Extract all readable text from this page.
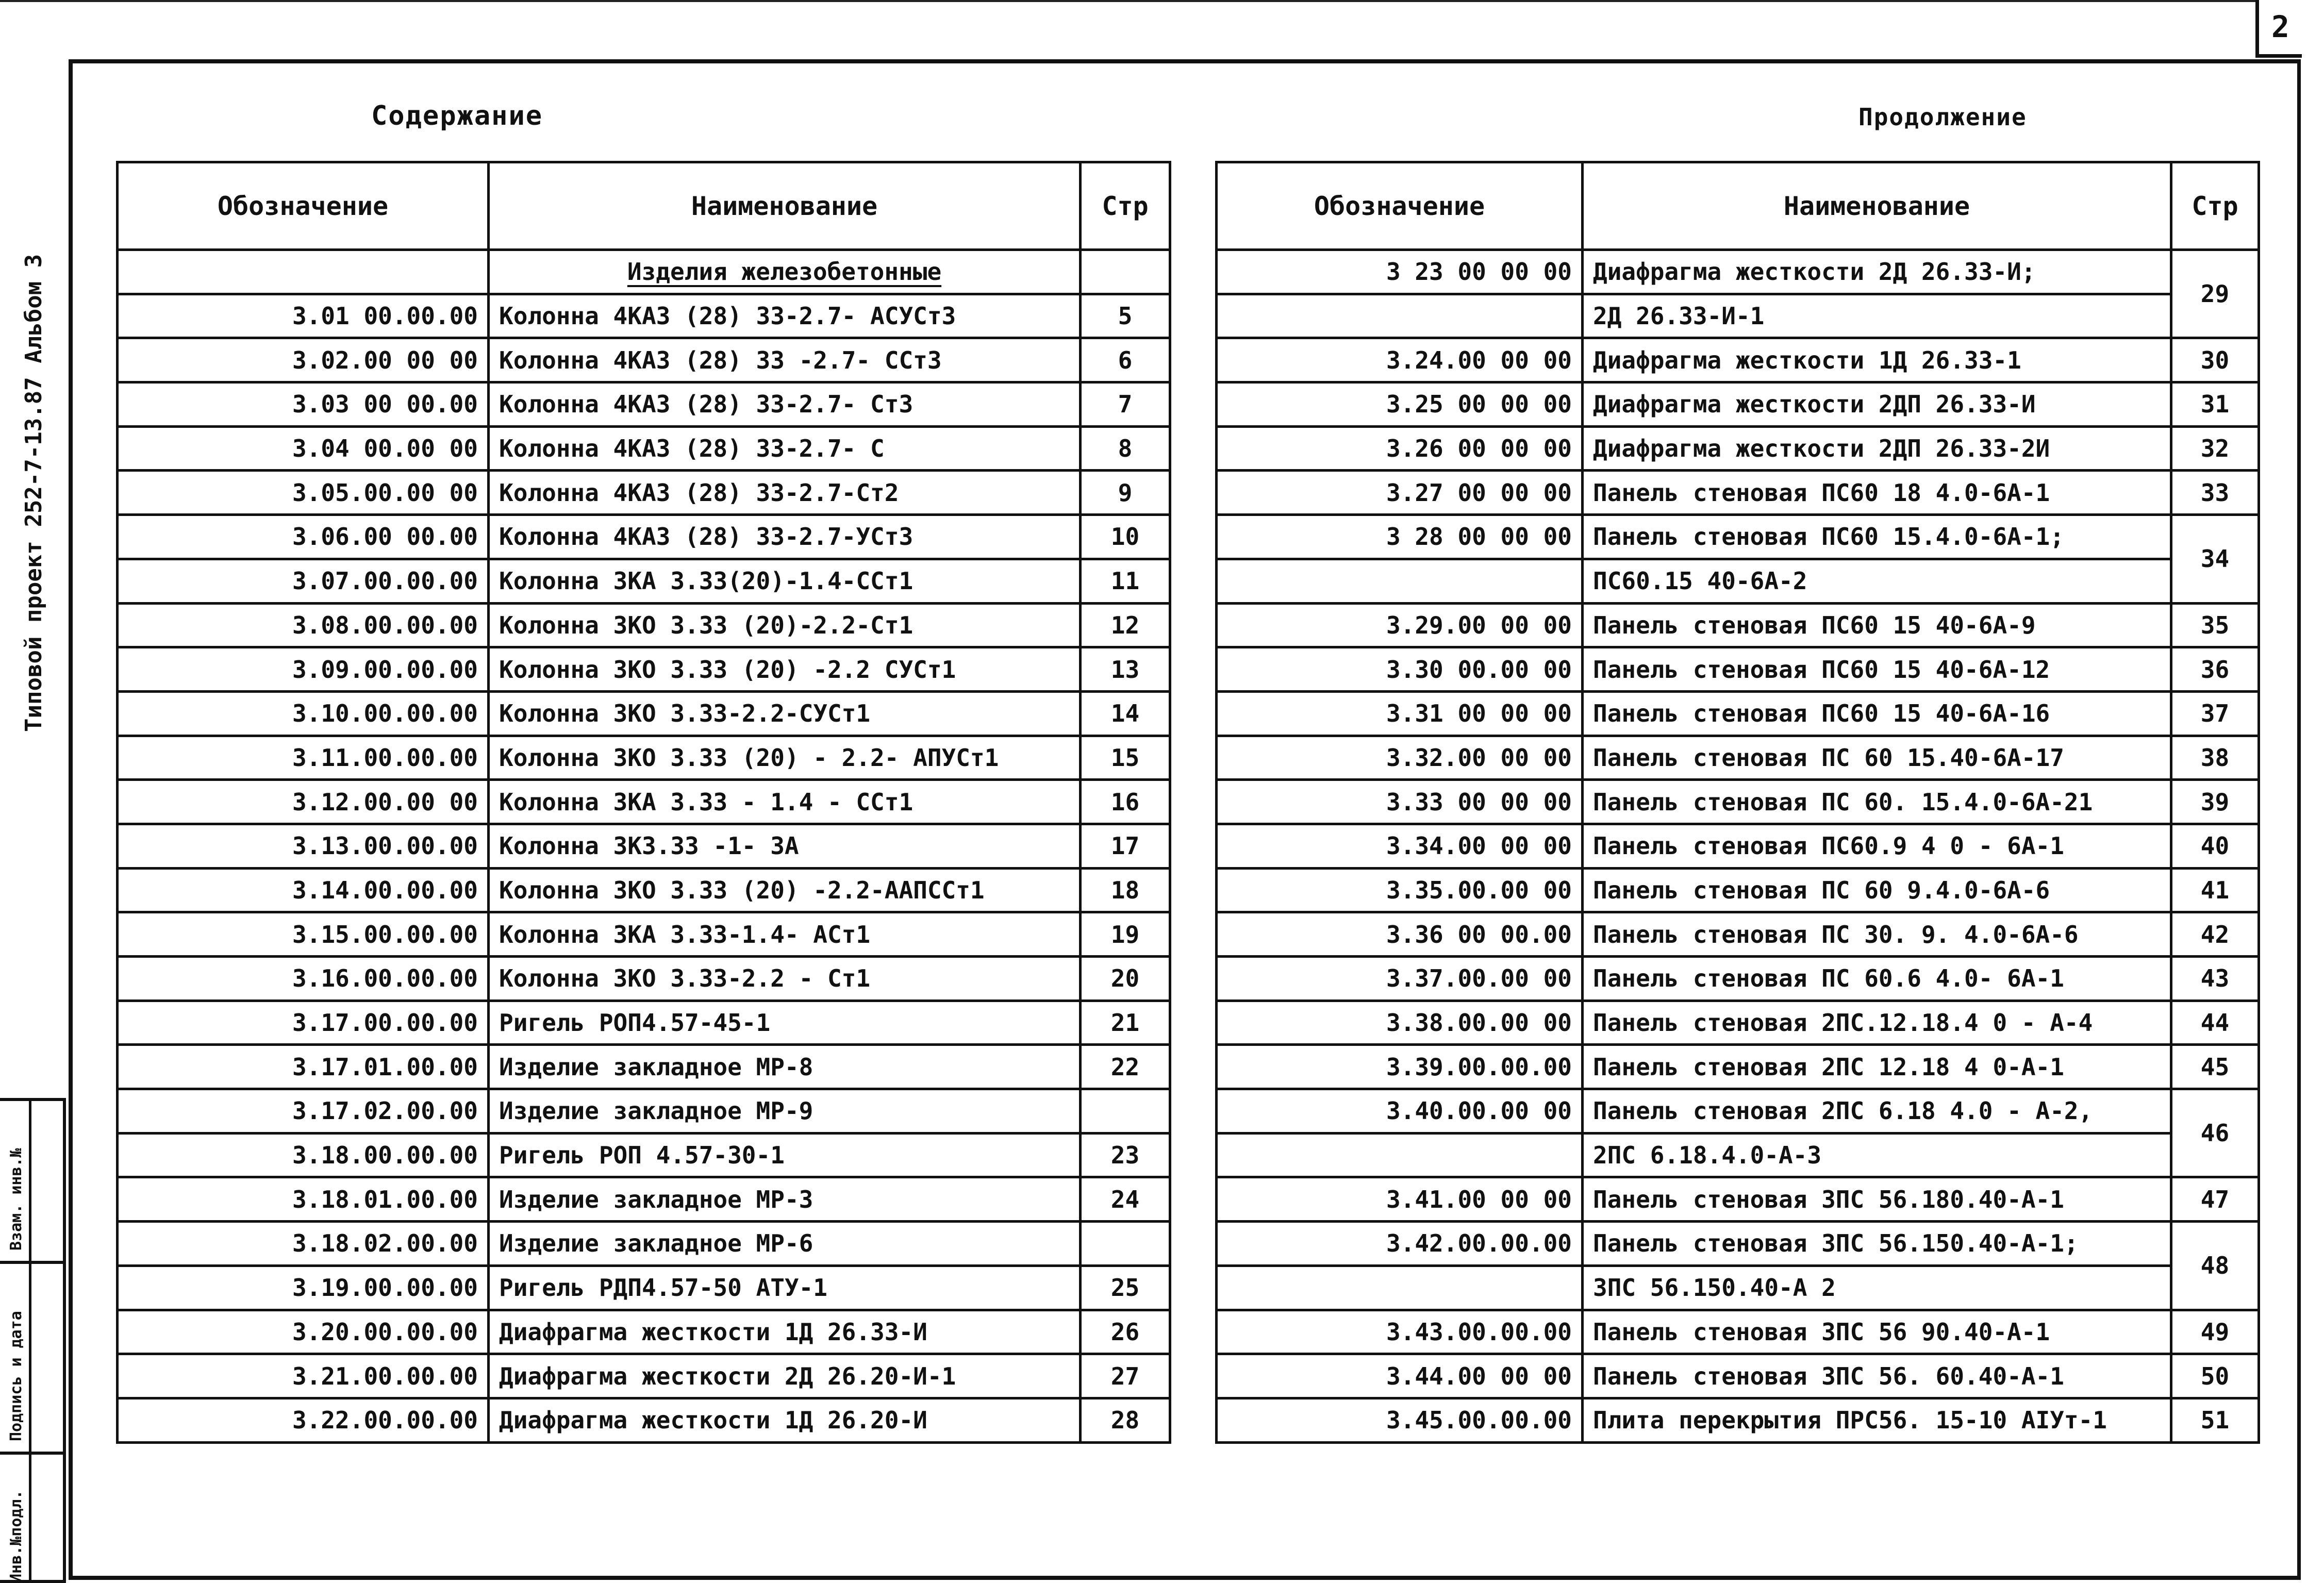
2
Типовой проект 252-7-13.87 Альбом 3
Взам. инв.№
Подпись и дата
Инв.№подл.
Содержание	Продолжение
Обозначение	Наименование	Стр
	Изделия железобетонные	
3.01 00.00.00	Колонна 4КАЗ (28) 33-2.7- АСУСт3	5
3.02.00 00 00	Колонна 4КАЗ (28) 33 -2.7- ССт3	6
3.03 00 00.00	Колонна 4КАЗ (28) 33-2.7- Ст3	7
3.04 00.00 00	Колонна 4КАЗ (28) 33-2.7- С	8
3.05.00.00 00	Колонна 4КАЗ (28) 33-2.7-Ст2	9
3.06.00 00.00	Колонна 4КАЗ (28) 33-2.7-УСт3	10
3.07.00.00.00	Колонна 3КА 3.33(20)-1.4-ССт1	11
3.08.00.00.00	Колонна 3КО 3.33 (20)-2.2-Ст1	12
3.09.00.00.00	Колонна 3КО 3.33 (20) -2.2 СУСт1	13
3.10.00.00.00	Колонна 3КО 3.33-2.2-СУСт1	14
3.11.00.00.00	Колонна 3КО 3.33 (20) - 2.2- АПУСт1	15
3.12.00.00 00	Колонна 3КА 3.33 - 1.4 - ССт1	16
3.13.00.00.00	Колонна 3КЗ.33 -1- 3А	17
3.14.00.00.00	Колонна 3КО 3.33 (20) -2.2-ААПССт1	18
3.15.00.00.00	Колонна 3КА 3.33-1.4- АСт1	19
3.16.00.00.00	Колонна 3КО 3.33-2.2 - Ст1	20
3.17.00.00.00	Ригель РОП4.57-45-1	21
3.17.01.00.00	Изделие закладное МР-8	22
3.17.02.00.00	Изделие закладное МР-9	
3.18.00.00.00	Ригель РОП 4.57-30-1	23
3.18.01.00.00	Изделие закладное МР-3	24
3.18.02.00.00	Изделие закладное МР-6	
3.19.00.00.00	Ригель РДП4.57-50 АТУ-1	25
3.20.00.00.00	Диафрагма жесткости 1Д 26.33-И	26
3.21.00.00.00	Диафрагма жесткости 2Д 26.20-И-1	27
3.22.00.00.00	Диафрагма жесткости 1Д 26.20-И	28
Обозначение	Наименование	Стр
3 23 00 00 00	Диафрагма жесткости 2Д 26.33-И;	29
	2Д 26.33-И-1	
3.24.00 00 00	Диафрагма жесткости 1Д 26.33-1	30
3.25 00 00 00	Диафрагма жесткости 2ДП 26.33-И	31
3.26 00 00 00	Диафрагма жесткости 2ДП 26.33-2И	32
3.27 00 00 00	Панель стеновая ПС60 18 4.0-6А-1	33
3 28 00 00 00	Панель стеновая ПС60 15.4.0-6А-1;	34
	ПС60.15 40-6А-2	
3.29.00 00 00	Панель стеновая ПС60 15 40-6А-9	35
3.30 00.00 00	Панель стеновая ПС60 15 40-6А-12	36
3.31 00 00 00	Панель стеновая ПС60 15 40-6А-16	37
3.32.00 00 00	Панель стеновая ПС 60 15.40-6А-17	38
3.33 00 00 00	Панель стеновая ПС 60. 15.4.0-6А-21	39
3.34.00 00 00	Панель стеновая ПС60.9 4 0 - 6А-1	40
3.35.00.00 00	Панель стеновая ПС 60 9.4.0-6А-6	41
3.36 00 00.00	Панель стеновая ПС 30. 9. 4.0-6А-6	42
3.37.00.00 00	Панель стеновая ПС 60.6 4.0- 6А-1	43
3.38.00.00 00	Панель стеновая 2ПС.12.18.4 0 - А-4	44
3.39.00.00.00	Панель стеновая 2ПС 12.18 4 0-А-1	45
3.40.00.00 00	Панель стеновая 2ПС 6.18 4.0 - А-2,	46
	2ПС 6.18.4.0-А-3	
3.41.00 00 00	Панель стеновая 3ПС 56.180.40-А-1	47
3.42.00.00.00	Панель стеновая 3ПС 56.150.40-А-1;	48
	3ПС 56.150.40-А 2	
3.43.00.00.00	Панель стеновая 3ПС 56 90.40-А-1	49
3.44.00 00 00	Панель стеновая 3ПС 56. 60.40-А-1	50
3.45.00.00.00	Плита перекрытия ПРС56. 15-10 АIУт-1	51
